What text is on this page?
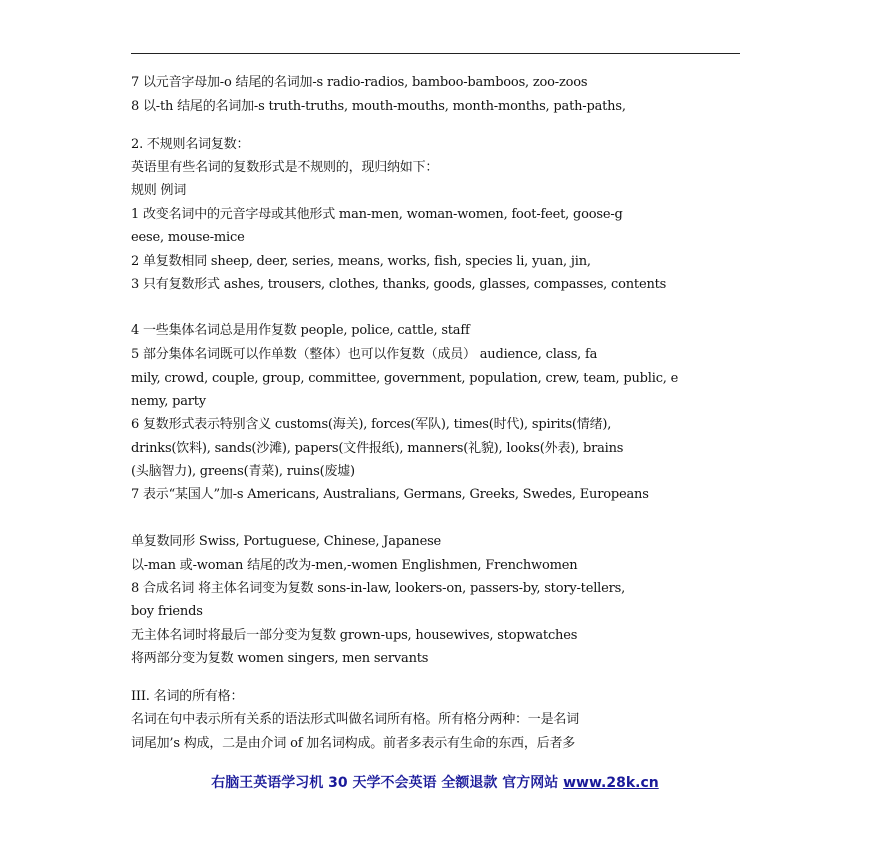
7 以元音字母加-o 结尾的名词加-s radio-radios, bamboo-bamboos, zoo-zoos
8 以-th 结尾的名词加-s truth-truths, mouth-mouths, month-months, path-paths,
2. 不规则名词复数：
英语里有些名词的复数形式是不规则的，现归纳如下：
规则 例词
1 改变名词中的元音字母或其他形式 man-men, woman-women, foot-feet, goose-g
eese, mouse-mice
2 单复数相同 sheep, deer, series, means, works, fish, species li, yuan, jin,
3 只有复数形式 ashes, trousers, clothes, thanks, goods, glasses, compasses, contents
4 一些集体名词总是用作复数 people, police, cattle, staff
5 部分集体名词既可以作单数（整体）也可以作复数（成员） audience, class, fa
mily, crowd, couple, group, committee, government, population, crew, team, public, e
nemy, party
6 复数形式表示特别含义 customs(海关), forces(军队), times(时代), spirits(情绪),
drinks(饮料), sands(沙滩), papers(文件报纸), manners(礼貌), looks(外表), brains
(头脑智力), greens(青菜), ruins(废墟)
7 表示“某国人”加-s Americans, Australians, Germans, Greeks, Swedes, Europeans
单复数同形 Swiss, Portuguese, Chinese, Japanese
以-man 或-woman 结尾的改为-men,-women Englishmen, Frenchwomen
8 合成名词 将主体名词变为复数 sons-in-law, lookers-on, passers-by, story-tellers,
boy friends
无主体名词时将最后一部分变为复数 grown-ups, housewives, stopwatches
将两部分变为复数 women singers, men servants
III. 名词的所有格：
名词在句中表示所有关系的语法形式叫做名词所有格。所有格分两种：一是名词
词尾加’s 构成，二是由介词 of 加名词构成。前者多表示有生命的东西，后者多
右脑王英语学习机 30 天学不会英语 全额退款 官方网站 www.28k.cn
